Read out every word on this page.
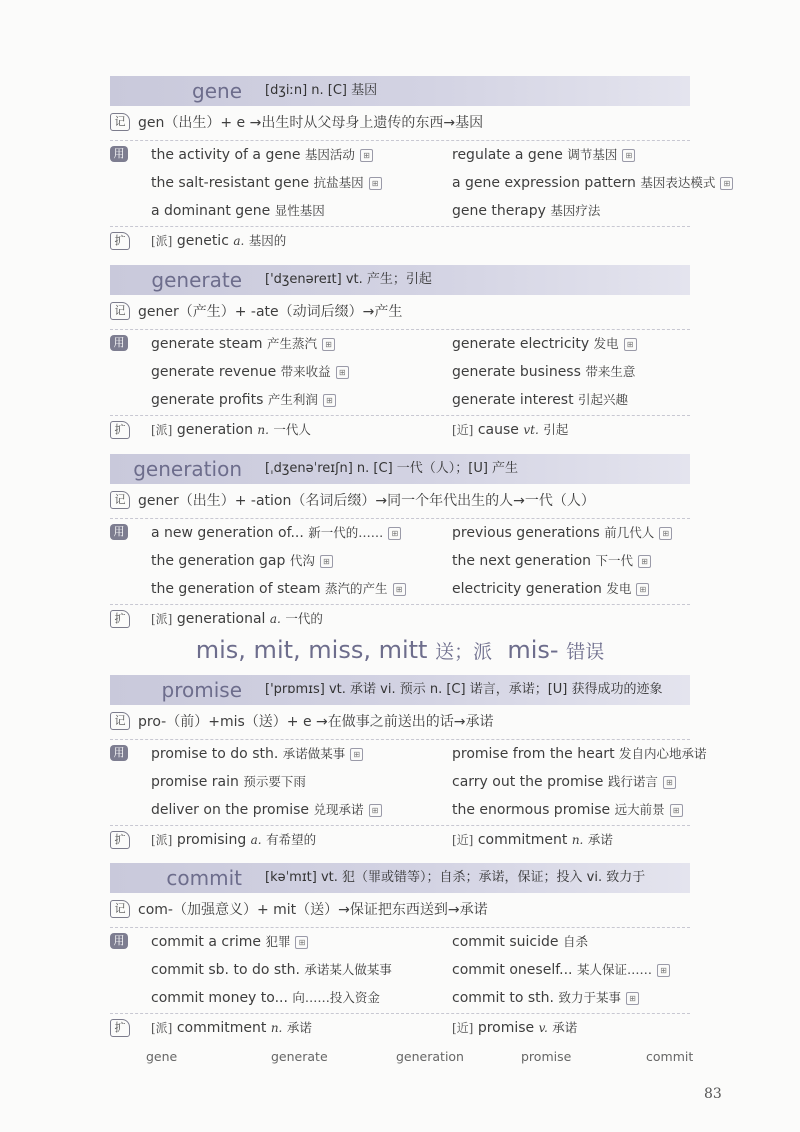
gene [dʒiːn] n. [C] 基因
记 gen（出生）+ e →出生时从父母身上遗传的东西→基因
用 the activity of a gene 基因活动 ⊞	regulate a gene 调节基因 ⊞
the salt-resistant gene 抗盐基因 ⊞	a gene expression pattern 基因表达模式 ⊞
a dominant gene 显性基因	gene therapy 基因疗法
扩	[派] genetic a. 基因的
generate ['dʒenəreɪt] vt. 产生；引起
记 gener（产生）+ -ate（动词后缀）→产生
用 generate steam 产生蒸汽 ⊞	generate electricity 发电 ⊞
generate revenue 带来收益 ⊞	generate business 带来生意
generate profits 产生利润 ⊞	generate interest 引起兴趣
扩	[派] generation n. 一代人	[近] cause vt. 引起
generation [ˌdʒenəˈreɪʃn] n. [C] 一代（人）；[U] 产生
记 gener（出生）+ -ation（名词后缀）→同一个年代出生的人→一代（人）
用 a new generation of... 新一代的…… ⊞	previous generations 前几代人 ⊞
the generation gap 代沟 ⊞	the next generation 下一代 ⊞
the generation of steam 蒸汽的产生 ⊞	electricity generation 发电 ⊞
扩	[派] generational a. 一代的
mis, mit, miss, mitt 送；派 mis- 错误
promise ['prɒmɪs] vt. 承诺 vi. 预示 n. [C] 诺言，承诺；[U] 获得成功的迹象
记 pro-（前）+mis（送）+ e →在做事之前送出的话→承诺
用 promise to do sth. 承诺做某事 ⊞	promise from the heart 发自内心地承诺
promise rain 预示要下雨	carry out the promise 践行诺言 ⊞
deliver on the promise 兑现承诺 ⊞	the enormous promise 远大前景 ⊞
扩	[派] promising a. 有希望的	[近] commitment n. 承诺
commit [kəˈmɪt] vt. 犯（罪或错等）；自杀；承诺，保证；投入 vi. 致力于
记 com-（加强意义）+ mit（送）→保证把东西送到→承诺
用 commit a crime 犯罪 ⊞	commit suicide 自杀
commit sb. to do sth. 承诺某人做某事	commit oneself... 某人保证…… ⊞
commit money to... 向……投入资金	commit to sth. 致力于某事 ⊞
扩	[派] commitment n. 承诺	[近] promise v. 承诺
gene	generate	generation	promise	commit
83
